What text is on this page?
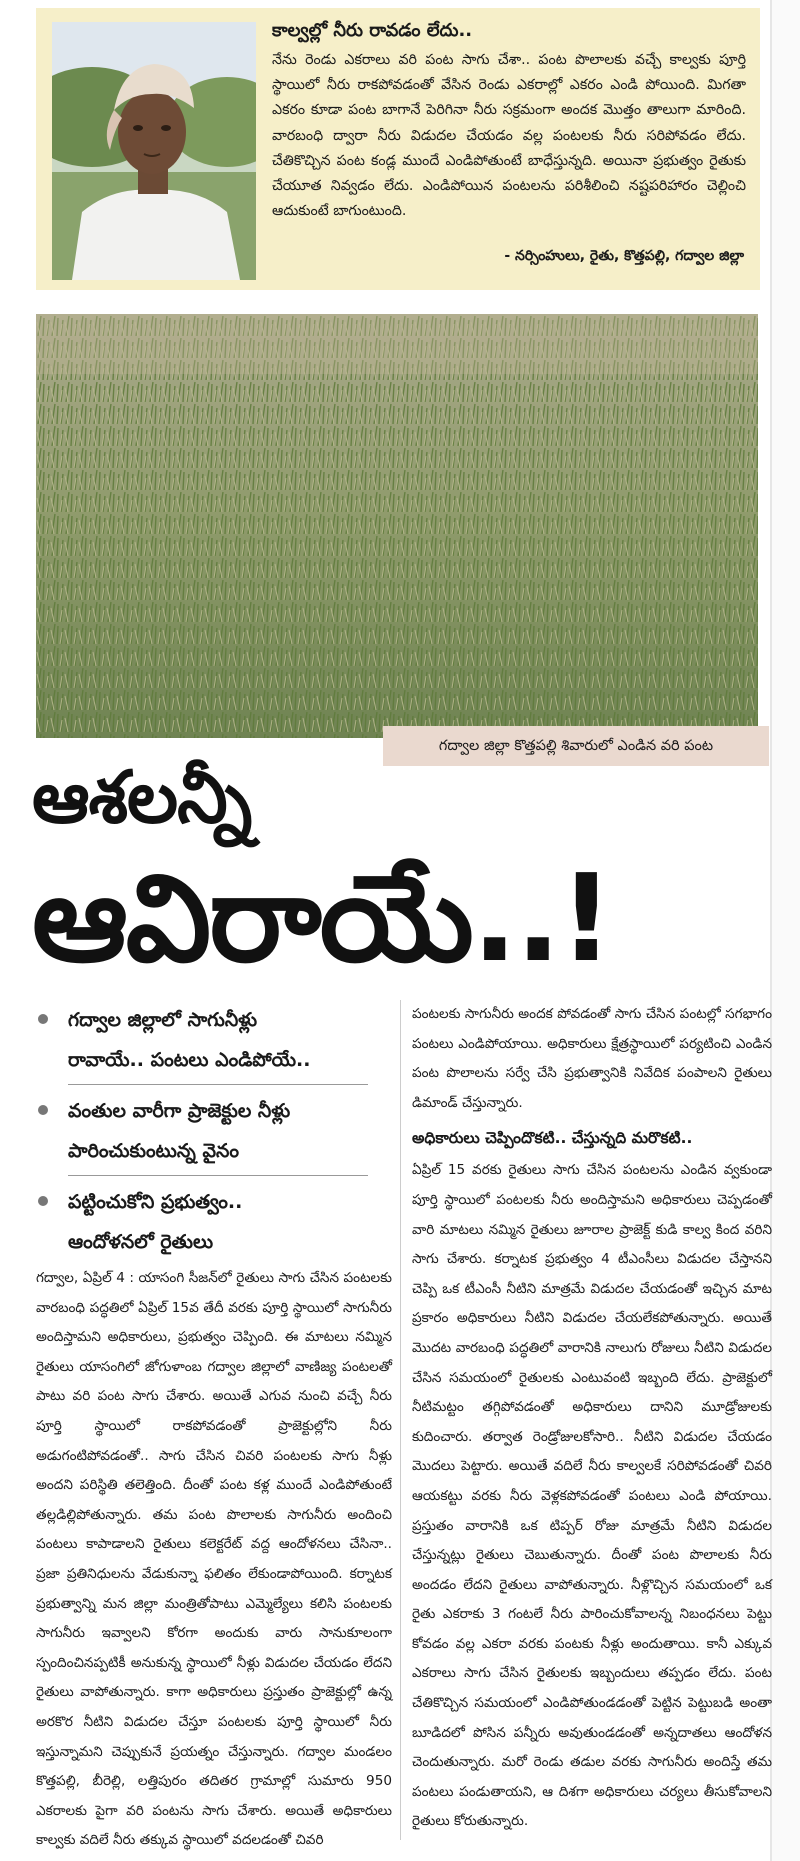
కాల్వల్లో నీరు రావడం లేదు..

నేను రెండు ఎకరాలు వరి పంట సాగు చేశా.. పంట పొలాలకు వచ్చే కాల్వకు పూర్తి స్థాయిలో నీరు రాకపోవడంతో వేసిన రెండు ఎకరాల్లో ఎకరం ఎండి పోయింది. మిగతా ఎకరం కూడా పంట బాగానే పెరిగినా నీరు సక్రమంగా అందక మొత్తం తాలుగా మారింది. వారబంధి ద్వారా నీరు విడుదల చేయడం వల్ల పంటలకు నీరు సరిపోవడం లేదు. చేతికొచ్చిన పంట కండ్ల ముందే ఎండిపోతుంటే బాధేస్తున్నది. అయినా ప్రభుత్వం రైతుకు చేయూత నివ్వడం లేదు. ఎండిపోయిన పంటలను పరిశీలించి నష్టపరిహారం చెల్లించి ఆదుకుంటే బాగుంటుంది.

- నర్సింహులు, రైతు, కొత్తపల్లి, గద్వాల జిల్లా
గద్వాల జిల్లా కొత్తపల్లి శివారులో ఎండిన వరి పంట
ఆశలన్నీ
ఆవిరాయే..!
గద్వాల జిల్లాలో సాగునీళ్లు
రావాయే.. పంటలు ఎండిపోయే..
వంతుల వారీగా ప్రాజెక్టుల నీళ్లు
పారించుకుంటున్న వైనం
పట్టించుకోని ప్రభుత్వం..
ఆందోళనలో రైతులు

గద్వాల, ఏప్రిల్ 4 : యాసంగి సీజన్‌లో రైతులు సాగు చేసిన పంటలకు వారబంధి పద్ధతిలో ఏప్రిల్ 15వ తేదీ వరకు పూర్తి స్థాయిలో సాగునీరు అందిస్తామని అధికారులు, ప్రభుత్వం చెప్పింది. ఈ మాటలు నమ్మిన రైతులు యాసంగిలో జోగుళాంబ గద్వాల జిల్లాలో వాణిజ్య పంటలతో పాటు వరి పంట సాగు చేశారు. అయితే ఎగువ నుంచి వచ్చే నీరు పూర్తి స్థాయిలో రాకపోవడంతో ప్రాజెక్టుల్లోని నీరు అడుగంటిపోవడంతో.. సాగు చేసిన చివరి పంటలకు సాగు నీళ్లు అందని పరిస్థితి తలెత్తింది. దీంతో పంట కళ్ల ముందే ఎండిపోతుంటే తల్లడిల్లిపోతున్నారు. తమ పంట పొలాలకు సాగునీరు అందించి పంటలు కాపాడాలని రైతులు కలెక్టరేట్ వద్ద ఆందోళనలు చేసినా.. ప్రజా ప్రతినిధులను వేడుకున్నా ఫలితం లేకుండాపోయింది. కర్నాటక ప్రభుత్వాన్ని మన జిల్లా మంత్రితోపాటు ఎమ్మెల్యేలు కలిసి పంటలకు సాగునీరు ఇవ్వాలని కోరగా అందుకు వారు సానుకూలంగా స్పందించినప్పటికీ అనుకున్న స్థాయిలో నీళ్లు విడుదల చేయడం లేదని రైతులు వాపోతున్నారు. కాగా అధికారులు ప్రస్తుతం ప్రాజెక్టుల్లో ఉన్న అరకొర నీటిని విడుదల చేస్తూ పంటలకు పూర్తి స్థాయిలో నీరు ఇస్తున్నామని చెప్పుకునే ప్రయత్నం చేస్తున్నారు. గద్వాల మండలం కొత్తపల్లి, బీరెల్లి, లత్తిపురం తదితర గ్రామాల్లో సుమారు 950 ఎకరాలకు పైగా వరి పంటను సాగు చేశారు. అయితే అధికారులు కాల్వకు వదిలే నీరు తక్కువ స్థాయిలో వదలడంతో చివరి

పంటలకు సాగునీరు అందక పోవడంతో సాగు చేసిన పంటల్లో సగభాగం పంటలు ఎండిపోయాయి. అధికారులు క్షేత్రస్థాయిలో పర్యటించి ఎండిన పంట పొలాలను సర్వే చేసి ప్రభుత్వానికి నివేదిక పంపాలని రైతులు డిమాండ్ చేస్తున్నారు.

అధికారులు చెప్పిందొకటి.. చేస్తున్నది మరొకటి..

ఏప్రిల్ 15 వరకు రైతులు సాగు చేసిన పంటలను ఎండిన వ్వకుండా పూర్తి స్థాయిలో పంటలకు నీరు అందిస్తామని అధికారులు చెప్పడంతో వారి మాటలు నమ్మిన రైతులు జూరాల ప్రాజెక్ట్ కుడి కాల్వ కింద వరిని సాగు చేశారు. కర్నాటక ప్రభుత్వం 4 టీఎంసీలు విడుదల చేస్తానని చెప్పి ఒక టీఎంసీ నీటిని మాత్రమే విడుదల చేయడంతో ఇచ్చిన మాట ప్రకారం అధికారులు నీటిని విడుదల చేయలేకపోతున్నారు. అయితే మొదట వారబంధి పద్ధతిలో వారానికి నాలుగు రోజులు నీటిని విడుదల చేసిన సమయంలో రైతులకు ఎంటువంటి ఇబ్బంది లేదు. ప్రాజెక్టులో నీటిమట్టం తగ్గిపోవడంతో అధికారులు దానిని మూడ్రోజులకు కుదించారు. తర్వాత రెండ్రోజులకోసారి.. నీటిని విడుదల చేయడం మొదలు పెట్టారు. అయితే వదిలే నీరు కాల్వలకే సరిపోవడంతో చివరి ఆయకట్టు వరకు నీరు వెళ్లకపోవడంతో పంటలు ఎండి పోయాయి. ప్రస్తుతం వారానికి ఒక టిప్పర్ రోజు మాత్రమే నీటిని విడుదల చేస్తున్నట్లు రైతులు చెబుతున్నారు. దీంతో పంట పొలాలకు నీరు అందడం లేదని రైతులు వాపోతున్నారు. నీళ్లొచ్చిన సమయంలో ఒక రైతు ఎకరాకు 3 గంటలే నీరు పారించుకోవాలన్న నిబంధనలు పెట్టు కోవడం వల్ల ఎకరా వరకు పంటకు నీళ్లు అందుతాయి. కానీ ఎక్కువ ఎకరాలు సాగు చేసిన రైతులకు ఇబ్బందులు తప్పడం లేదు. పంట చేతికొచ్చిన సమయంలో ఎండిపోతుండడంతో పెట్టిన పెట్టుబడి అంతా బూడిదలో పోసిన పన్నీరు అవుతుండడంతో అన్నదాతలు ఆందోళన చెందుతున్నారు. మరో రెండు తడుల వరకు సాగునీరు అందిస్తే తమ పంటలు పండుతాయని, ఆ దిశగా అధికారులు చర్యలు తీసుకోవాలని రైతులు కోరుతున్నారు.
